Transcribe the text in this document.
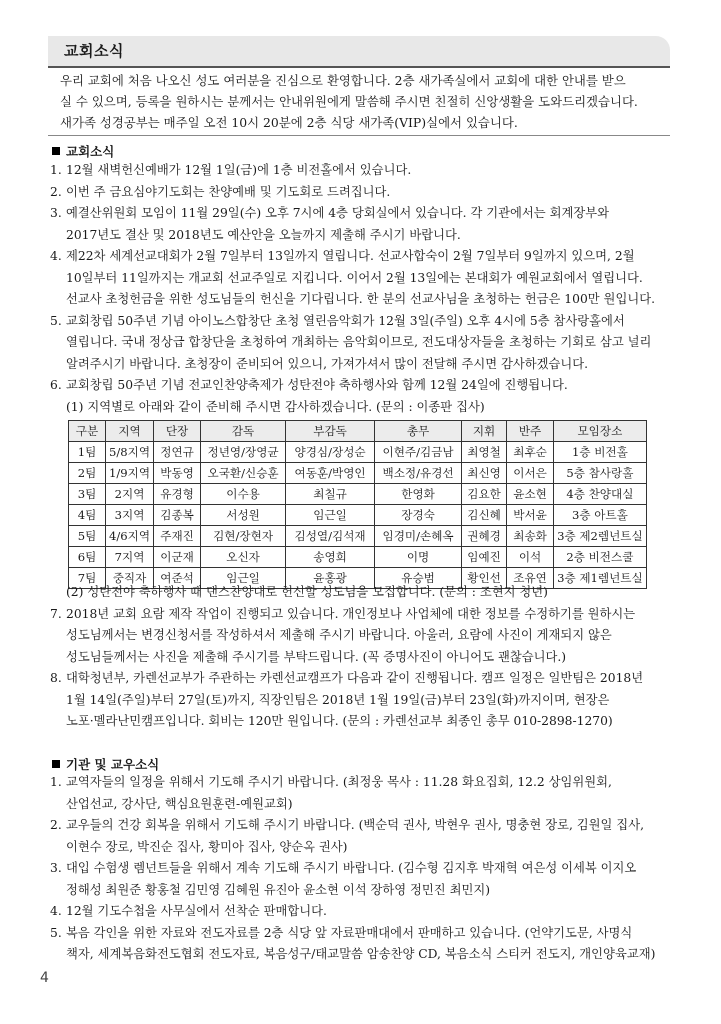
교회소식
우리 교회에 처음 나오신 성도 여러분을 진심으로 환영합니다. 2층 새가족실에서 교회에 대한 안내를 받으
실 수 있으며, 등록을 원하시는 분께서는 안내위원에게 말씀해 주시면 친절히 신앙생활을 도와드리겠습니다.
새가족 성경공부는 매주일 오전 10시 20분에 2층 식당 새가족(VIP)실에서 있습니다.
교회소식
1. 12월 새벽헌신예배가 12월 1일(금)에 1층 비전홀에서 있습니다.
2. 이번 주 금요심야기도회는 찬양예배 및 기도회로 드려집니다.
3. 예결산위원회 모임이 11월 29일(수) 오후 7시에 4층 당회실에서 있습니다. 각 기관에서는 회계장부와
2017년도 결산 및 2018년도 예산안을 오늘까지 제출해 주시기 바랍니다.
4. 제22차 세계선교대회가 2월 7일부터 13일까지 열립니다. 선교사합숙이 2월 7일부터 9일까지 있으며, 2월
10일부터 11일까지는 개교회 선교주일로 지킵니다. 이어서 2월 13일에는 본대회가 예원교회에서 열립니다.
선교사 초청헌금을 위한 성도님들의 헌신을 기다립니다. 한 분의 선교사님을 초청하는 헌금은 100만 원입니다.
5. 교회창립 50주년 기념 아이노스합창단 초청 열린음악회가 12월 3일(주일) 오후 4시에 5층 참사랑홀에서
열립니다. 국내 정상급 합창단을 초청하여 개최하는 음악회이므로, 전도대상자들을 초청하는 기회로 삼고 널리
알려주시기 바랍니다. 초청장이 준비되어 있으니, 가져가셔서 많이 전달해 주시면 감사하겠습니다.
6. 교회창립 50주년 기념 전교인찬양축제가 성탄전야 축하행사와 함께 12월 24일에 진행됩니다.
(1) 지역별로 아래와 같이 준비해 주시면 감사하겠습니다. (문의 : 이종판 집사)
구분	지역	단장	감독	부감독	총무	지휘	반주	모임장소
1팀	5/8지역	정연규	정년영/장영균	양경심/장성순	이현주/김금남	최영철	최후순	1층 비전홀
2팀	1/9지역	박동영	오국환/신승훈	여동훈/박영인	백소정/유경선	최신영	이서은	5층 참사랑홀
3팀	2지역	유경형	이수용	최칠규	한영화	김요한	윤소현	4층 찬양대실
4팀	3지역	김종복	서성원	임근일	장경숙	김신혜	박서윤	3층 아트홀
5팀	4/6지역	주재진	김현/장현자	김성열/김석재	임경미/손혜옥	권혜경	최송화	3층 제2렘넌트실
6팀	7지역	이군재	오신자	송영희	이명	임예진	이석	2층 비전스쿨
7팀	중직자	여준석	임근일	윤홍광	유승범	황인선	조유연	3층 제1렘넌트실
(2) 성탄전야 축하행사 때 댄스찬양대로 헌신할 성도님을 모집합니다. (문의 : 조현지 청년)
7. 2018년 교회 요람 제작 작업이 진행되고 있습니다. 개인정보나 사업체에 대한 정보를 수정하기를 원하시는
성도님께서는 변경신청서를 작성하셔서 제출해 주시기 바랍니다. 아울러, 요람에 사진이 게재되지 않은
성도님들께서는 사진을 제출해 주시기를 부탁드립니다. (꼭 증명사진이 아니어도 괜찮습니다.)
8. 대학청년부, 카렌선교부가 주관하는 카렌선교캠프가 다음과 같이 진행됩니다. 캠프 일정은 일반팀은 2018년
1월 14일(주일)부터 27일(토)까지, 직장인팀은 2018년 1월 19일(금)부터 23일(화)까지이며, 현장은
노포·멜라난민캠프입니다. 회비는 120만 원입니다. (문의 : 카렌선교부 최종인 총무 010-2898-1270)
기관 및 교우소식
1. 교역자들의 일정을 위해서 기도해 주시기 바랍니다. (최정웅 목사 : 11.28 화요집회, 12.2 상임위원회,
산업선교, 강사단, 핵심요원훈련-예원교회)
2. 교우들의 건강 회복을 위해서 기도해 주시기 바랍니다. (백순덕 권사, 박현우 권사, 명충현 장로, 김원일 집사,
이현수 장로, 박진순 집사, 황미아 집사, 양순옥 권사)
3. 대입 수험생 렘넌트들을 위해서 계속 기도해 주시기 바랍니다. (김수형 김지후 박재혁 여은성 이세복 이지오
정해성 최원준 황홍철 김민영 김혜원 유진아 윤소현 이석 장하영 정민진 최민지)
4. 12월 기도수첩을 사무실에서 선착순 판매합니다.
5. 복음 각인을 위한 자료와 전도자료를 2층 식당 앞 자료판매대에서 판매하고 있습니다. (언약기도문, 사명식
책자, 세계복음화전도협회 전도자료, 복음성구/태교말씀 암송찬양 CD, 복음소식 스티커 전도지, 개인양육교재)
4
